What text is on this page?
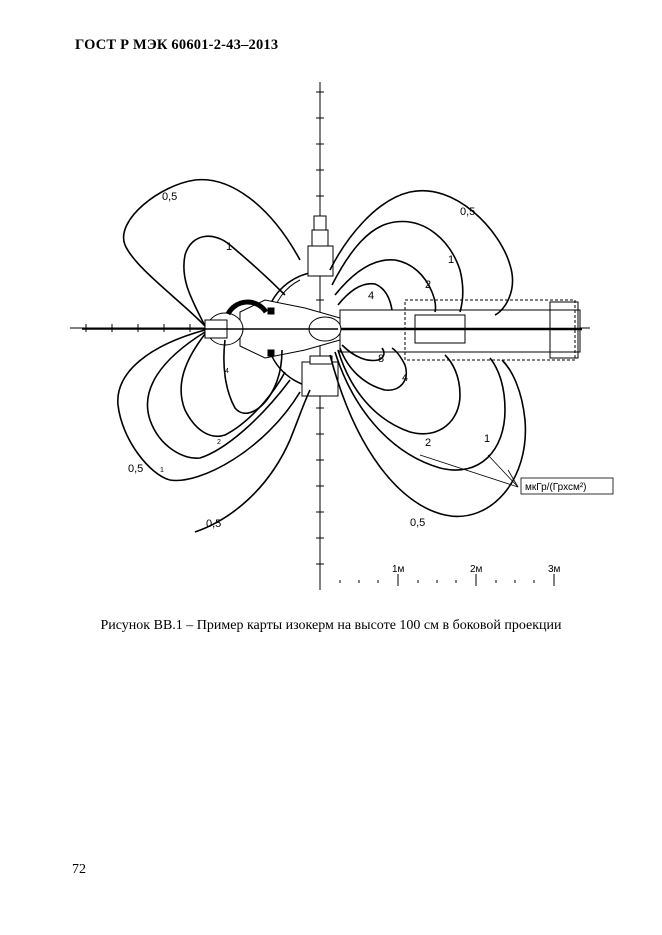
ГОСТ Р МЭК 60601-2-43–2013
0,5
1
0,5 1
2
4
0,5
0,5
1
2
4
8
4
2	1
0,5
мкГр/(Грхсм²)
1м	2м	3м
Рисунок ВВ.1 – Пример карты изокерм на высоте 100 см в боковой проекции
72
